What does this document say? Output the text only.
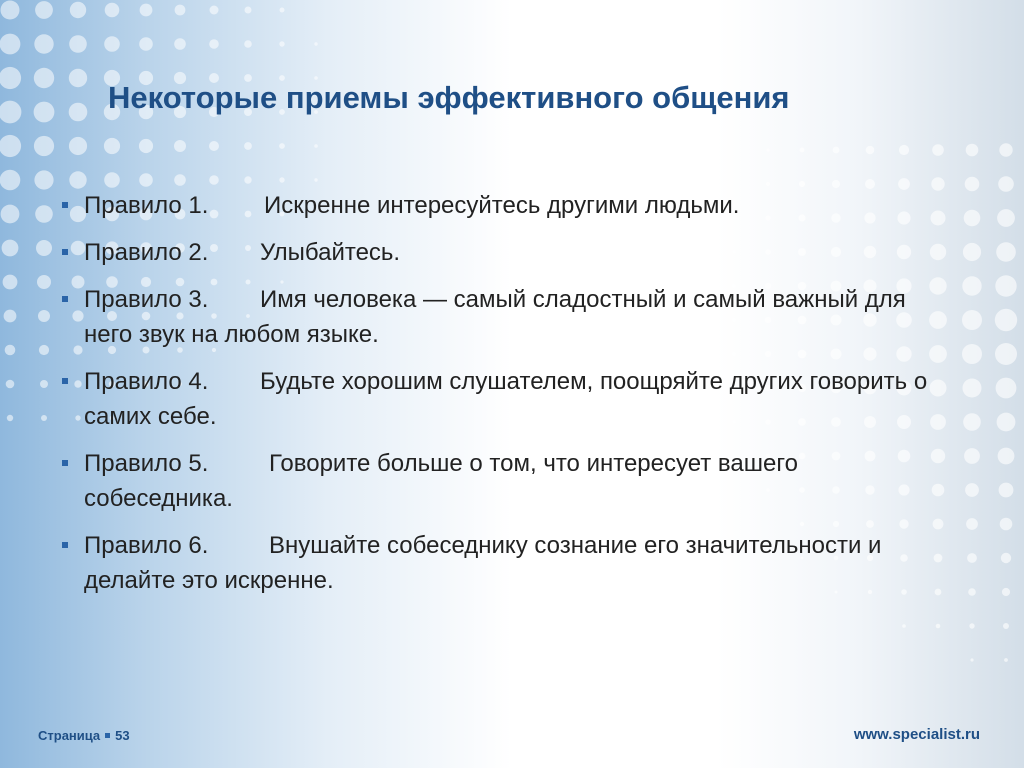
Некоторые приемы эффективного общения
Правило 1. Искренне интересуйтесь другими людьми.
Правило 2. Улыбайтесь.
Правило 3. Имя человека — самый сладостный и самый важный для него звук на любом языке.
Правило 4. Будьте хорошим слушателем, поощряйте других говорить о самих себе.
Правило 5.	Говорите больше о том, что интересует вашего собеседника.
Правило 6.	Внушайте собеседнику сознание его значительности и делайте это искренне.
Страница 53	www.specialist.ru
